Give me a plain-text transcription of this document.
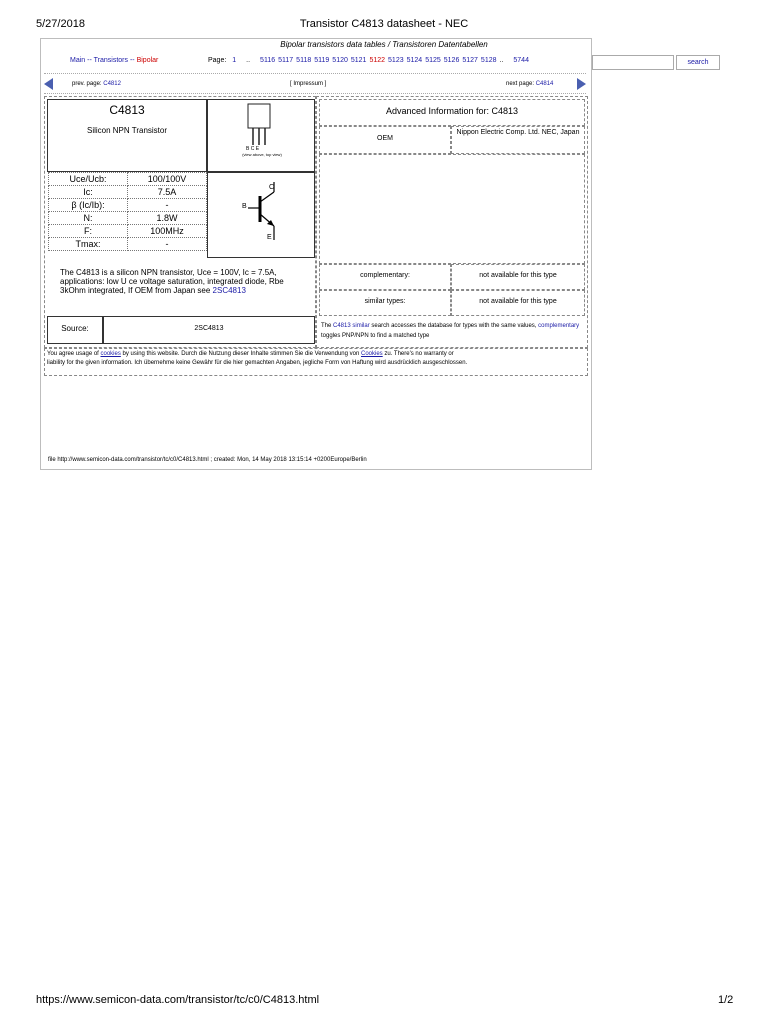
5/27/2018	Transistor C4813 datasheet - NEC
Bipolar transistors data tables / Transistoren Datentabellen
Main -- Transistors -- Bipolar	Page: 1 .. 5116 5117 5118 5119 5120 5121 5122 5123 5124 5125 5126 5127 5128 .. 5744	search
prev. page: C4812	[ Impressum ]	next page: C4814
C4813
Silicon NPN Transistor
B C E
(view above, top view)
Uce/Ucb:	100/100V
Ic:	7.5A
β (Ic/Ib):	-
N:	1.8W
F:	100MHz
Tmax:	-
C
B
E
The C4813 is a silicon NPN transistor, Uce = 100V, Ic = 7.5A, applications: low U ce voltage saturation, integrated diode, Rbe 3kOhm integrated, If OEM from Japan see 2SC4813
Source:	2SC4813
Advanced Information for: C4813
OEM
Nippon Electric Comp. Ltd. NEC, Japan
complementary:	not available for this type
similar types:	not available for this type
The C4813 similar search accesses the database for types with the same values, complementary toggles PNP/NPN to find a matched type
You agree usage of cookies by using this website. Durch die Nutzung dieser Inhalte stimmen Sie die Verwendung von Cookies zu. There's no warranty or
liability for the given information. Ich übernehme keine Gewähr für die hier gemachten Angaben, jegliche Form von Haftung wird ausdrücklich ausgeschlossen.
file http://www.semicon-data.com/transistor/tc/c0/C4813.html ; created: Mon, 14 May 2018 13:15:14 +0200Europe/Berlin
https://www.semicon-data.com/transistor/tc/c0/C4813.html	1/2
